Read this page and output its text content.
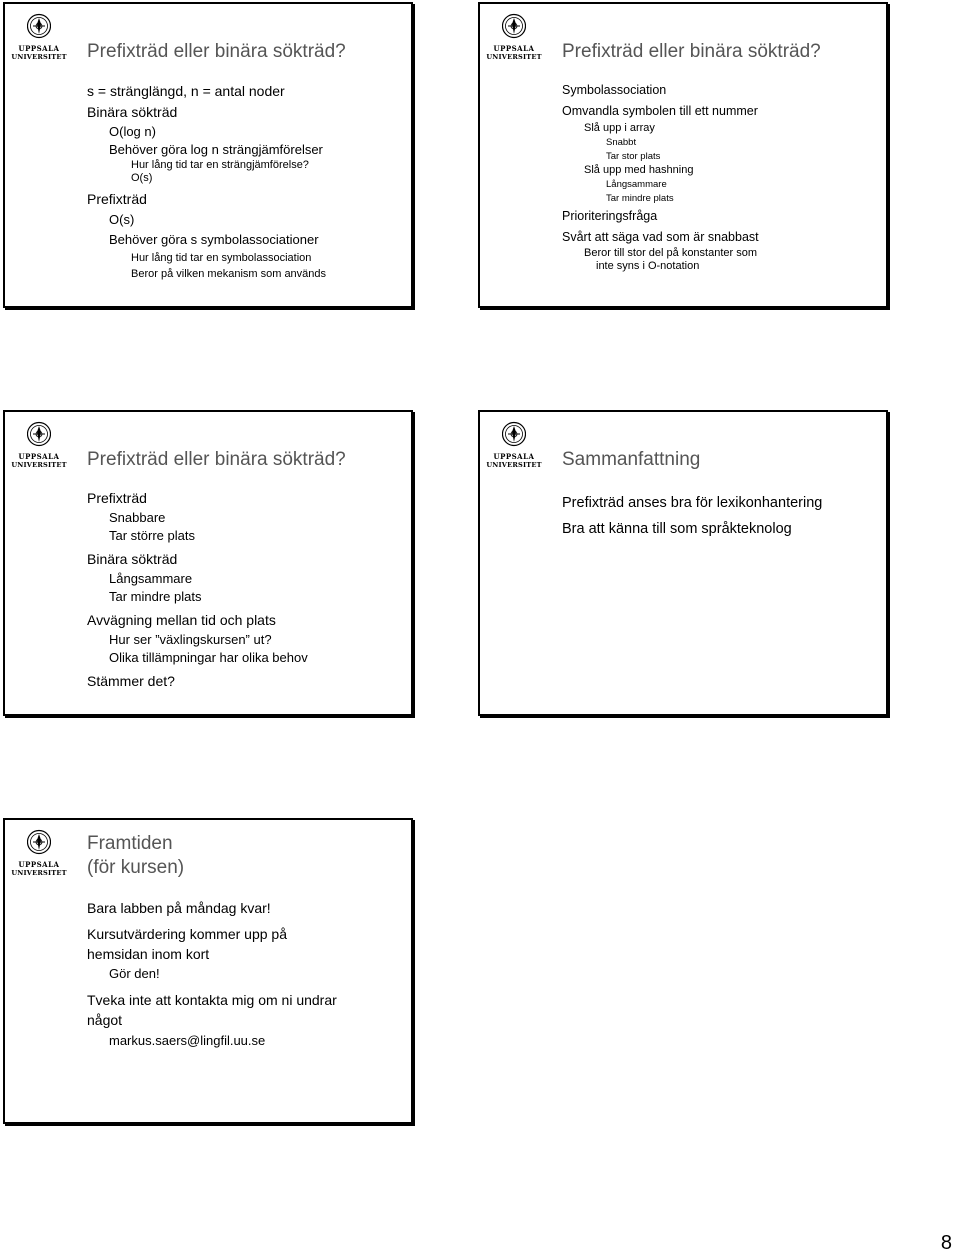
UPPSALA
UNIVERSITET Prefixträd eller binära sökträd?
s = stränglängd, n = antal noder
Binära sökträd
O(log n)
Behöver göra log n strängjämförelser
Hur lång tid tar en strängjämförelse?
O(s)
Prefixträd
O(s)
Behöver göra s symbolassociationer
Hur lång tid tar en symbolassociation
Beror på vilken mekanism som används
UPPSALA
UNIVERSITET Prefixträd eller binära sökträd?
Symbolassociation
Omvandla symbolen till ett nummer
Slå upp i array
Snabbt
Tar stor plats
Slå upp med hashning
Långsammare
Tar mindre plats
Prioriteringsfråga
Svårt att säga vad som är snabbast
Beror till stor del på konstanter som
inte syns i O-notation
UPPSALA
UNIVERSITET Prefixträd eller binära sökträd?
Prefixträd
Snabbare
Tar större plats
Binära sökträd
Långsammare
Tar mindre plats
Avvägning mellan tid och plats
Hur ser ”växlingskursen” ut?
Olika tillämpningar har olika behov
Stämmer det?
UPPSALA
UNIVERSITET Sammanfattning
Prefixträd anses bra för lexikonhantering
Bra att känna till som språkteknolog
UPPSALA
UNIVERSITET
Framtiden
(för kursen)
Bara labben på måndag kvar!
Kursutvärdering kommer upp på
hemsidan inom kort
Gör den!
Tveka inte att kontakta mig om ni undrar
något
markus.saers@lingfil.uu.se
8
